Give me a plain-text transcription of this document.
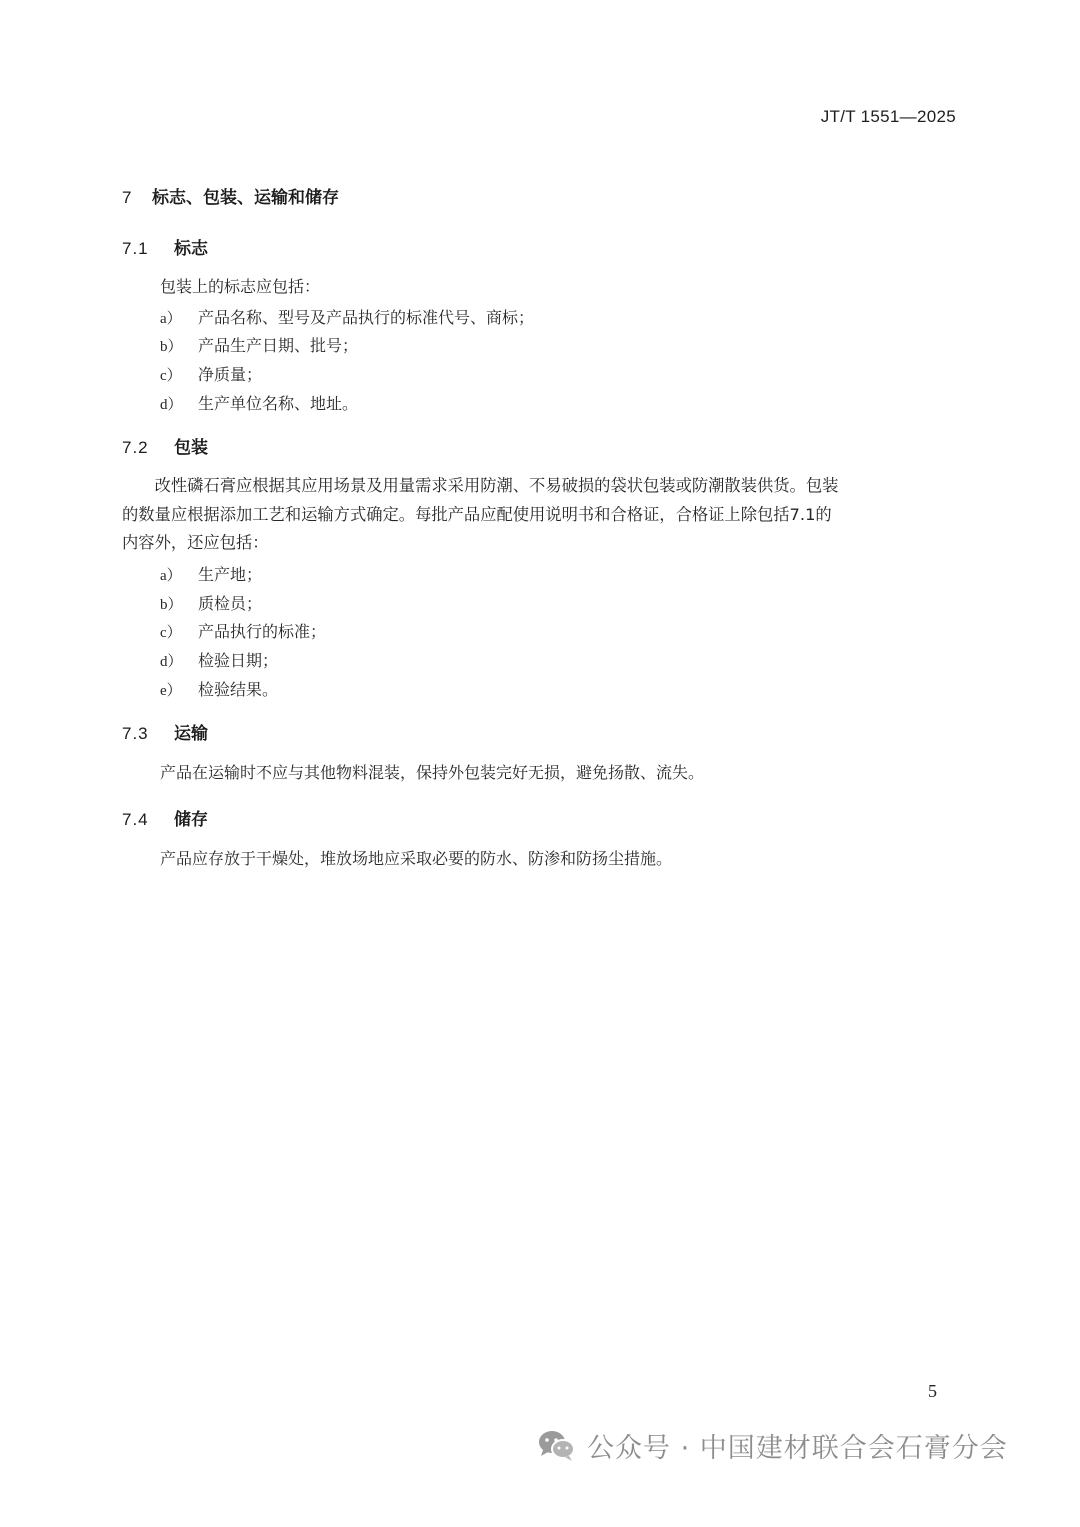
JT/T 1551—2025
7 标志、包装、运输和储存
7.1 标志
包装上的标志应包括：
a） 产品名称、型号及产品执行的标准代号、商标；
b） 产品生产日期、批号；
c） 净质量；
d） 生产单位名称、地址。
7.2 包装
　　改性磷石膏应根据其应用场景及用量需求采用防潮、不易破损的袋状包装或防潮散装供货。包装
的数量应根据添加工艺和运输方式确定。每批产品应配使用说明书和合格证，合格证上除包括7.1的
内容外，还应包括：
a） 生产地；
b） 质检员；
c） 产品执行的标准；
d） 检验日期；
e） 检验结果。
7.3 运输
产品在运输时不应与其他物料混装，保持外包装完好无损，避免扬散、流失。
7.4 储存
产品应存放于干燥处，堆放场地应采取必要的防水、防渗和防扬尘措施。
5
公众号 · 中国建材联合会石膏分会
